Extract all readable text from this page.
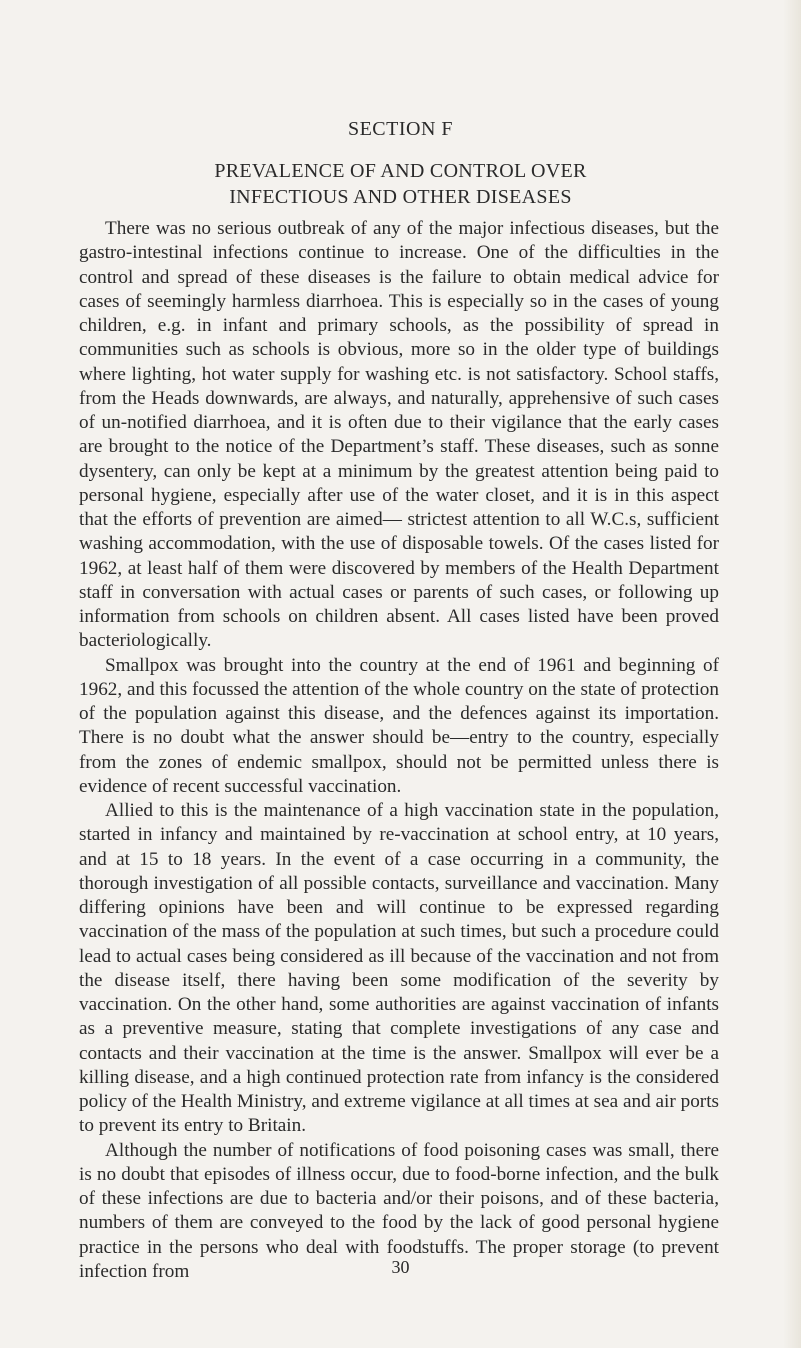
SECTION F
PREVALENCE OF AND CONTROL OVER
INFECTIOUS AND OTHER DISEASES

There was no serious outbreak of any of the major infectious diseases, but the gastro-intestinal infections continue to increase. One of the difficulties in the control and spread of these diseases is the failure to obtain medical advice for cases of seemingly harmless diarrhoea. This is especially so in the cases of young children, e.g. in infant and primary schools, as the possibility of spread in communities such as schools is obvious, more so in the older type of buildings where lighting, hot water supply for washing etc. is not satisfactory. School staffs, from the Heads downwards, are always, and naturally, apprehensive of such cases of un-notified diarrhoea, and it is often due to their vigilance that the early cases are brought to the notice of the Department’s staff. These diseases, such as sonne dysentery, can only be kept at a minimum by the greatest attention being paid to personal hygiene, especially after use of the water closet, and it is in this aspect that the efforts of prevention are aimed— strictest attention to all W.C.s, sufficient washing accommodation, with the use of disposable towels. Of the cases listed for 1962, at least half of them were discovered by members of the Health Department staff in conversation with actual cases or parents of such cases, or following up information from schools on children absent. All cases listed have been proved bacteriologically.

Smallpox was brought into the country at the end of 1961 and beginning of 1962, and this focussed the attention of the whole country on the state of protection of the population against this disease, and the defences against its importation. There is no doubt what the answer should be—entry to the country, especially from the zones of endemic smallpox, should not be permitted unless there is evidence of recent successful vaccination.

Allied to this is the maintenance of a high vaccination state in the population, started in infancy and maintained by re-vaccination at school entry, at 10 years, and at 15 to 18 years. In the event of a case occurring in a community, the thorough investigation of all possible contacts, surveillance and vaccination. Many differing opinions have been and will continue to be expressed regarding vaccination of the mass of the population at such times, but such a procedure could lead to actual cases being considered as ill because of the vaccination and not from the disease itself, there having been some modification of the severity by vaccination. On the other hand, some authorities are against vaccination of infants as a preventive measure, stating that complete investigations of any case and contacts and their vaccination at the time is the answer. Smallpox will ever be a killing disease, and a high continued protection rate from infancy is the considered policy of the Health Ministry, and extreme vigilance at all times at sea and air ports to prevent its entry to Britain.

Although the number of notifications of food poisoning cases was small, there is no doubt that episodes of illness occur, due to food-borne infection, and the bulk of these infections are due to bacteria and/or their poisons, and of these bacteria, numbers of them are conveyed to the food by the lack of good personal hygiene practice in the persons who deal with foodstuffs. The proper storage (to prevent infection from	30
